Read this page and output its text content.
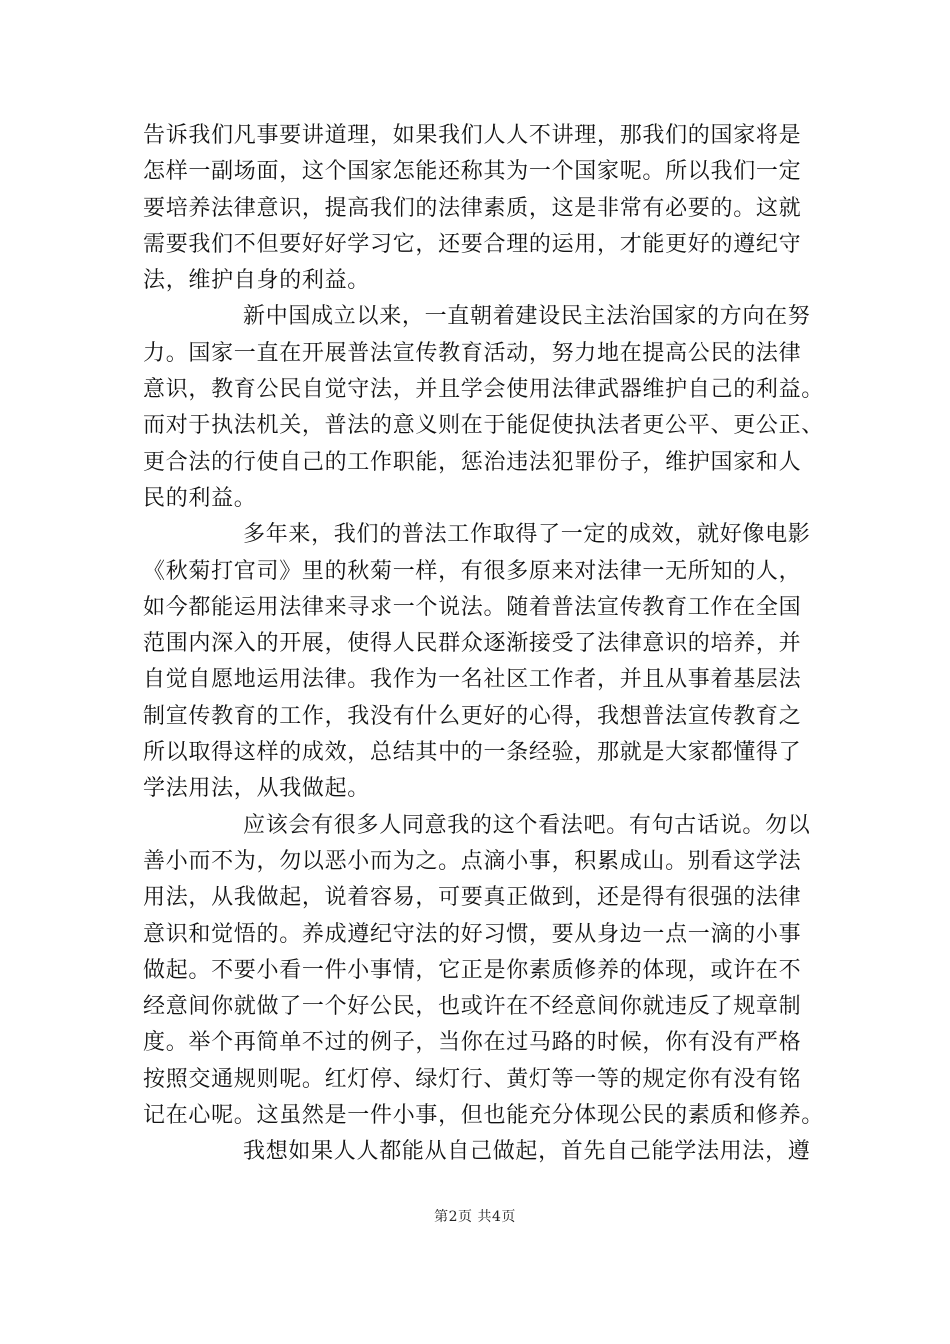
告诉我们凡事要讲道理，如果我们人人不讲理，那我们的国家将是
怎样一副场面，这个国家怎能还称其为一个国家呢。所以我们一定
要培养法律意识，提高我们的法律素质，这是非常有必要的。这就
需要我们不但要好好学习它，还要合理的运用，才能更好的遵纪守
法，维护自身的利益。
新中国成立以来，一直朝着建设民主法治国家的方向在努
力。国家一直在开展普法宣传教育活动，努力地在提高公民的法律
意识，教育公民自觉守法，并且学会使用法律武器维护自己的利益。
而对于执法机关，普法的意义则在于能促使执法者更公平、更公正、
更合法的行使自己的工作职能，惩治违法犯罪份子，维护国家和人
民的利益。
多年来，我们的普法工作取得了一定的成效，就好像电影
《秋菊打官司》里的秋菊一样，有很多原来对法律一无所知的人，
如今都能运用法律来寻求一个说法。随着普法宣传教育工作在全国
范围内深入的开展，使得人民群众逐渐接受了法律意识的培养，并
自觉自愿地运用法律。我作为一名社区工作者，并且从事着基层法
制宣传教育的工作，我没有什么更好的心得，我想普法宣传教育之
所以取得这样的成效，总结其中的一条经验，那就是大家都懂得了
学法用法，从我做起。
应该会有很多人同意我的这个看法吧。有句古话说。勿以
善小而不为，勿以恶小而为之。点滴小事，积累成山。别看这学法
用法，从我做起，说着容易，可要真正做到，还是得有很强的法律
意识和觉悟的。养成遵纪守法的好习惯，要从身边一点一滴的小事
做起。不要小看一件小事情，它正是你素质修养的体现，或许在不
经意间你就做了一个好公民，也或许在不经意间你就违反了规章制
度。举个再简单不过的例子，当你在过马路的时候，你有没有严格
按照交通规则呢。红灯停、绿灯行、黄灯等一等的规定你有没有铭
记在心呢。这虽然是一件小事，但也能充分体现公民的素质和修养。
我想如果人人都能从自己做起，首先自己能学法用法，遵
第2页 共4页
